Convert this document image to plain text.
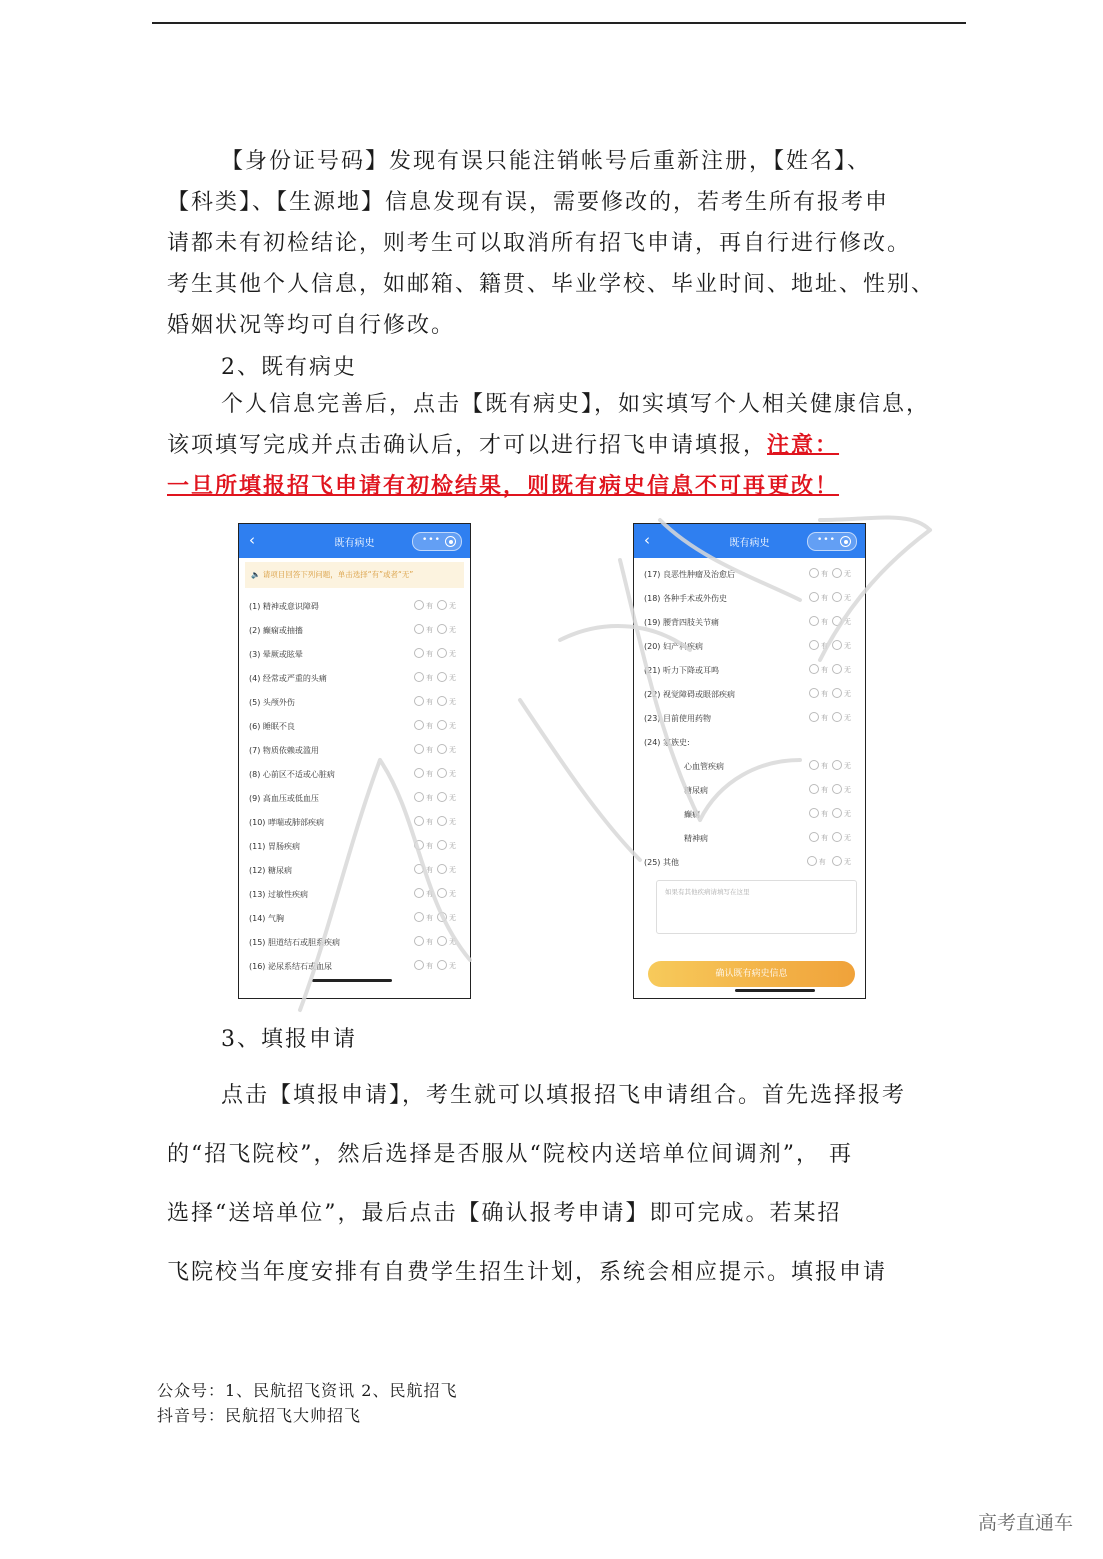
【身份证号码】发现有误只能注销帐号后重新注册，【姓名】、
【科类】、【生源地】信息发现有误，需要修改的，若考生所有报考申
请都未有初检结论，则考生可以取消所有招飞申请，再自行进行修改。
考生其他个人信息，如邮箱、籍贯、毕业学校、毕业时间、地址、性别、
婚姻状况等均可自行修改。

2、既有病史

个人信息完善后，点击【既有病史】，如实填写个人相关健康信息，
该项填写完成并点击确认后，才可以进行招飞申请填报，注意：
一旦所填报招飞申请有初检结果，则既有病史信息不可再更改！
‹	既有病史	•••
🔈 请项目回答下列问题，单击选择“有”或者“无”
(1) 精神或意识障碍	有 无
(2) 癫痫或抽搐	有 无
(3) 晕厥或眩晕	有 无
(4) 经常或严重的头痛	有 无
(5) 头颅外伤	有 无
(6) 睡眠不良	有 无
(7) 物质依赖或滥用	有 无
(8) 心前区不适或心脏病	有 无
(9) 高血压或低血压	有 无
(10) 哮喘或肺部疾病	有 无
(11) 胃肠疾病	有 无
(12) 糖尿病	有 无
(13) 过敏性疾病	有 无
(14) 气胸	有 无
(15) 胆道结石或胆系疾病	有 无
(16) 泌尿系结石或血尿	有 无
‹	既有病史	•••
(17) 良恶性肿瘤及治愈后	有 无
(18) 各种手术或外伤史	有 无
(19) 腰背四肢关节痛	有 无
(20) 妇产科疾病	有 无
(21) 听力下降或耳鸣	有 无
(22) 视觉障碍或眼部疾病	有 无
(23) 目前使用药物	有 无
(24) 家族史:
心血管疾病	有 无
糖尿病	有 无
癫痫	有 无
精神病	有 无
(25) 其他	有	无
如果有其他疾病请填写在这里
确认既有病史信息

3、填报申请

点击【填报申请】，考生就可以填报招飞申请组合。首先选择报考
的“招飞院校”，然后选择是否服从“院校内送培单位间调剂”， 再
选择“送培单位”，最后点击【确认报考申请】即可完成。若某招
飞院校当年度安排有自费学生招生计划，系统会相应提示。填报申请

公众号：1、民航招飞资讯 2、民航招飞

抖音号：民航招飞大帅招飞

高考直通车
